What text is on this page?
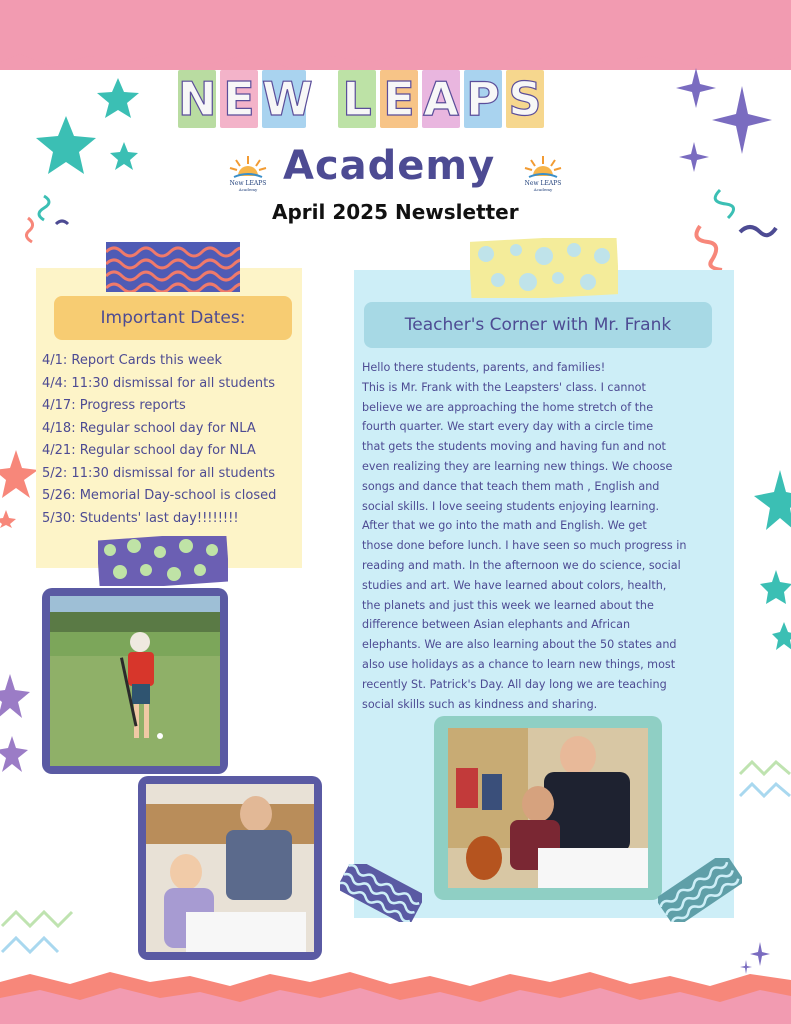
N E W L E A P S
New LEAPS
Academy
New LEAPS
Academy
Academy
April 2025 Newsletter
Important Dates:
4/1: Report Cards this week
4/4: 11:30 dismissal for all students
4/17: Progress reports
4/18: Regular school day for NLA
4/21: Regular school day for NLA
5/2: 11:30 dismissal for all students
5/26: Memorial Day-school is closed
5/30: Students' last day!!!!!!!!
Teacher's Corner with Mr. Frank
Hello there students, parents, and families!
This is Mr. Frank with the Leapsters' class. I cannot
believe we are approaching the home stretch of the
fourth quarter. We start every day with a circle time
that gets the students moving and having fun and not
even realizing they are learning new things. We choose
songs and dance that teach them math , English and
social skills. I love seeing students enjoying learning.
After that we go into the math and English. We get
those done before lunch. I have seen so much progress in
reading and math. In the afternoon we do science, social
studies and art. We have learned about colors, health,
the planets and just this week we learned about the
difference between Asian elephants and African
elephants. We are also learning about the 50 states and
also use holidays as a chance to learn new things, most
recently St. Patrick's Day. All day long we are teaching
social skills such as kindness and sharing.
